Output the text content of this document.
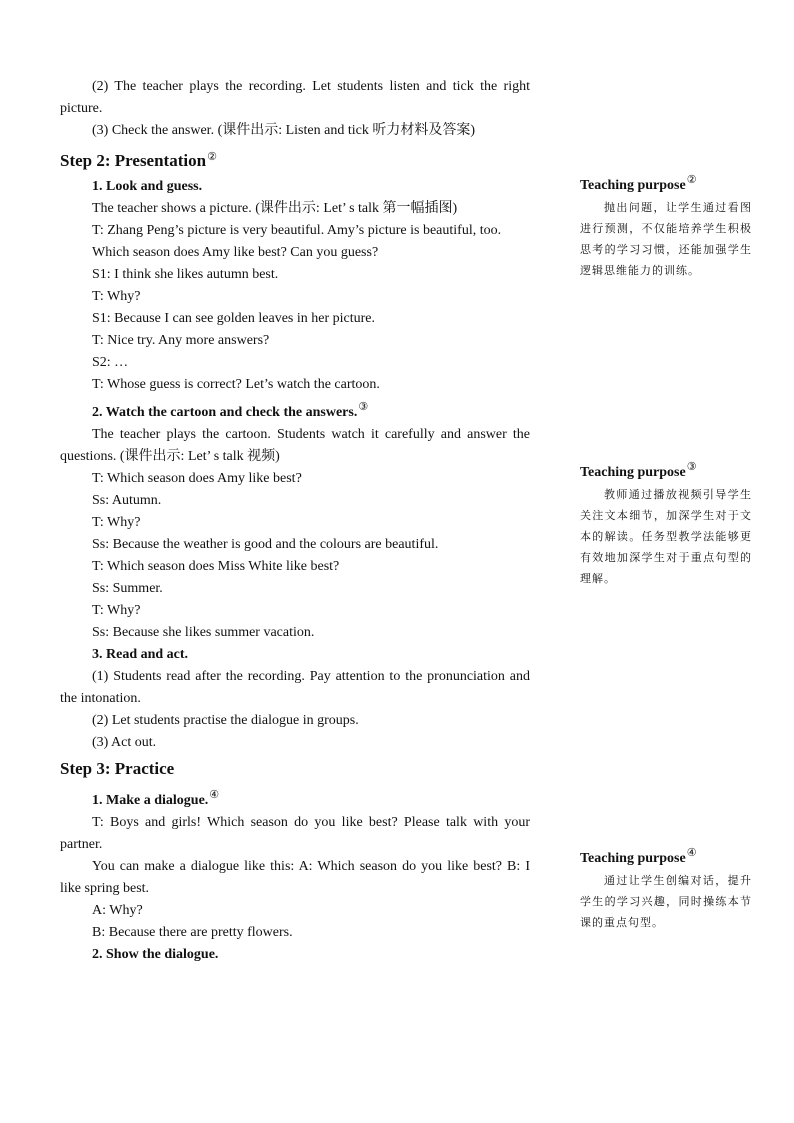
(2) The teacher plays the recording. Let students listen and tick the right picture.

(3) Check the answer. (课件出示: Listen and tick 听力材料及答案)

Step 2: Presentation②

1. Look and guess.

The teacher shows a picture. (课件出示: Let’ s talk 第一幅插图)

T: Zhang Peng’s picture is very beautiful. Amy’s picture is beautiful, too.

Which season does Amy like best? Can you guess?

S1: I think she likes autumn best.

T: Why?

S1: Because I can see golden leaves in her picture.

T: Nice try. Any more answers?

S2: …

T: Whose guess is correct? Let’s watch the cartoon.

2. Watch the cartoon and check the answers.③

The teacher plays the cartoon. Students watch it carefully and answer the questions. (课件出示: Let’ s talk 视频)

T: Which season does Amy like best?

Ss: Autumn.

T: Why?

Ss: Because the weather is good and the colours are beautiful.

T: Which season does Miss White like best?

Ss: Summer.

T: Why?

Ss: Because she likes summer vacation.

3. Read and act.

(1) Students read after the recording. Pay attention to the pronunciation and the intonation.

(2) Let students practise the dialogue in groups.

(3) Act out.

Step 3: Practice

1. Make a dialogue.④

T: Boys and girls! Which season do you like best? Please talk with your partner.

You can make a dialogue like this: A: Which season do you like best? B: I like spring best.

A: Why?

B: Because there are pretty flowers.

2. Show the dialogue.

Teaching purpose②

抛出问题，让学生通过看图进行预测，不仅能培养学生积极思考的学习习惯，还能加强学生逻辑思维能力的训练。

Teaching purpose③

教师通过播放视频引导学生关注文本细节，加深学生对于文本的解读。任务型教学法能够更有效地加深学生对于重点句型的理解。

Teaching purpose④

通过让学生创编对话，提升学生的学习兴趣，同时操练本节课的重点句型。
